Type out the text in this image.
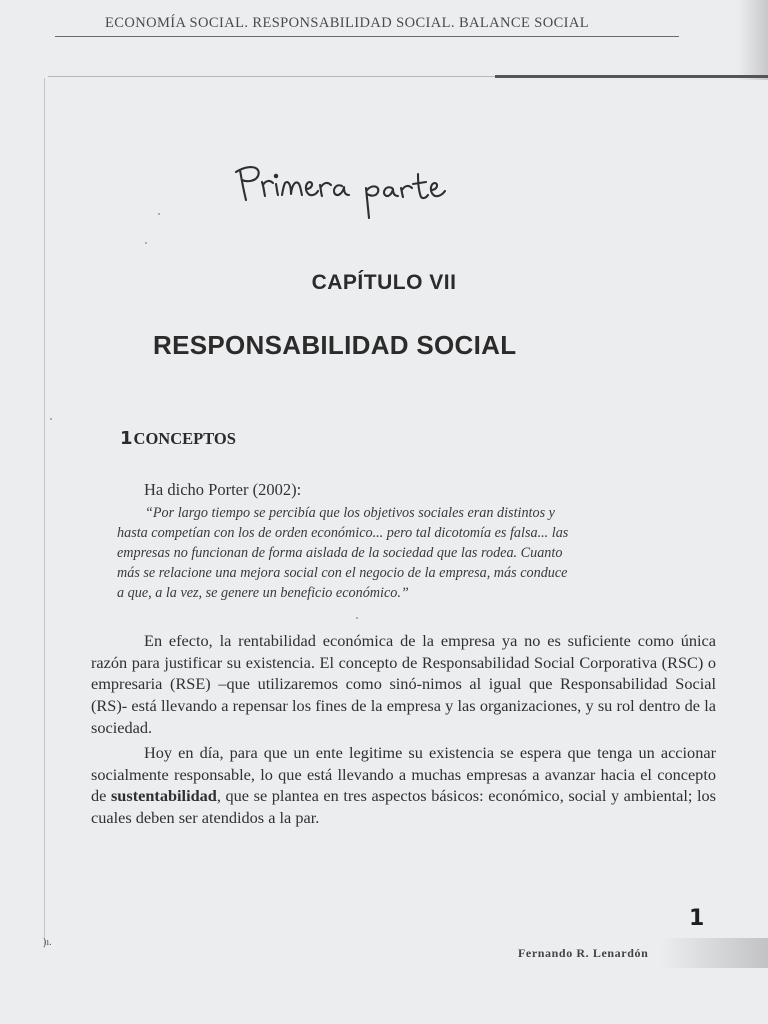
ECONOMÍA SOCIAL. RESPONSABILIDAD SOCIAL. BALANCE SOCIAL
CAPÍTULO VII
RESPONSABILIDAD SOCIAL
1CONCEPTOS
Ha dicho Porter (2002):
“Por largo tiempo se percibía que los objetivos sociales eran distintos y
hasta competían con los de orden económico... pero tal dicotomía es falsa... las
empresas no funcionan de forma aislada de la sociedad que las rodea. Cuanto
más se relacione una mejora social con el negocio de la empresa, más conduce
a que, a la vez, se genere un beneficio económico.”

En efecto, la rentabilidad económica de la empresa ya no es suficiente como única razón para justificar su existencia. El concepto de Responsabilidad Social Corporativa (RSC) o empresaria (RSE) –que utilizaremos como sinó-nimos al igual que Responsabilidad Social (RS)- está llevando a repensar los fines de la empresa y las organizaciones, y su rol dentro de la sociedad.

Hoy en día, para que un ente legitime su existencia se espera que tenga un accionar socialmente responsable, lo que está llevando a muchas empresas a avanzar hacia el concepto de sustentabilidad, que se plantea en tres aspectos básicos: económico, social y ambiental; los cuales deben ser atendidos a la par.

1
Fernando R. Lenardón
)ı.
